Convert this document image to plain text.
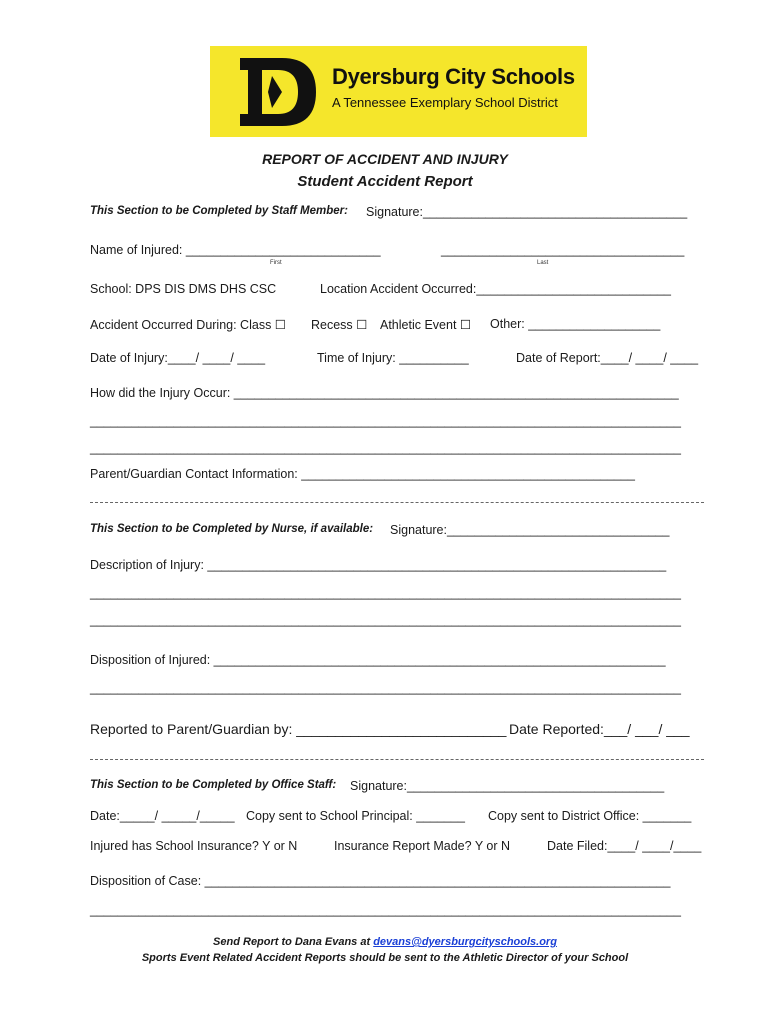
Dyersburg City Schools
A Tennessee Exemplary School District
REPORT OF ACCIDENT AND INJURY
Student Accident Report
This Section to be Completed by Staff Member: Signature:______________________________________
Name of Injured: ____________________________	___________________________________
First	Last
School: DPS DIS DMS DHS CSC	Location Accident Occurred:____________________________
Accident Occurred During: Class ☐ Recess ☐ Athletic Event ☐ Other: ___________________
Date of Injury:____/ ____/ ____	Time of Injury: __________	Date of Report:____/ ____/ ____
How did the Injury Occur: ________________________________________________________________
_____________________________________________________________________________________
_____________________________________________________________________________________
Parent/Guardian Contact Information: ________________________________________________
This Section to be Completed by Nurse, if available: Signature:________________________________
Description of Injury: __________________________________________________________________
_____________________________________________________________________________________
_____________________________________________________________________________________
Disposition of Injured: _________________________________________________________________
_____________________________________________________________________________________
Reported to Parent/Guardian by: ___________________________ Date Reported:___/ ___/ ___
This Section to be Completed by Office Staff: Signature:_____________________________________
Date:_____/ _____/_____ Copy sent to School Principal: _______ Copy sent to District Office: _______
Injured has School Insurance? Y or N	Insurance Report Made? Y or N	Date Filed:____/ ____/____
Disposition of Case: ___________________________________________________________________
_____________________________________________________________________________________
Send Report to Dana Evans at devans@dyersburgcityschools.org
Sports Event Related Accident Reports should be sent to the Athletic Director of your School
